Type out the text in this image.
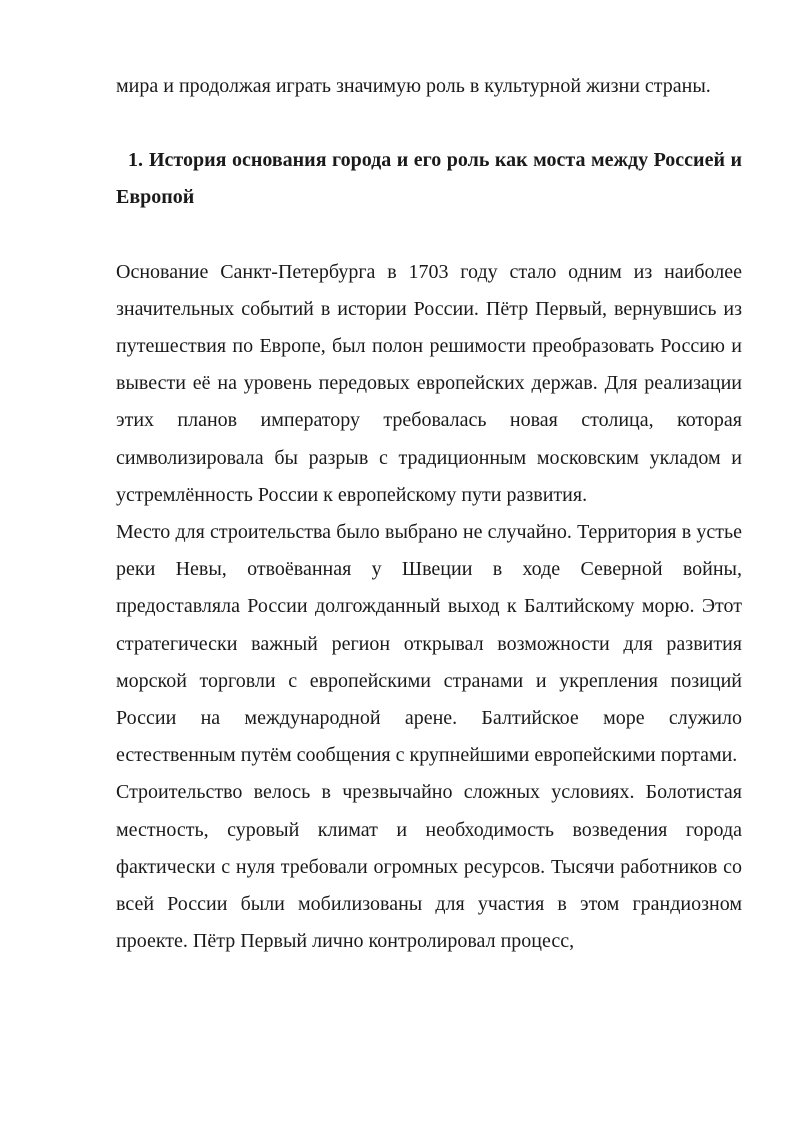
мира и продолжая играть значимую роль в культурной жизни страны.

1. История основания города и его роль как моста между Россией и Европой

Основание Санкт-Петербурга в 1703 году стало одним из наиболее значительных событий в истории России. Пётр Первый, вернувшись из путешествия по Европе, был полон решимости преобразовать Россию и вывести её на уровень передовых европейских держав. Для реализации этих планов императору требовалась новая столица, которая символизировала бы разрыв с традиционным московским укладом и устремлённость России к европейскому пути развития.

Место для строительства было выбрано не случайно. Территория в устье реки Невы, отвоёванная у Швеции в ходе Северной войны, предоставляла России долгожданный выход к Балтийскому морю. Этот стратегически важный регион открывал возможности для развития морской торговли с европейскими странами и укрепления позиций России на международной арене. Балтийское море служило естественным путём сообщения с крупнейшими европейскими портами.

Строительство велось в чрезвычайно сложных условиях. Болотистая местность, суровый климат и необходимость возведения города фактически с нуля требовали огромных ресурсов. Тысячи работников со всей России были мобилизованы для участия в этом грандиозном проекте. Пётр Первый лично контролировал процесс,
